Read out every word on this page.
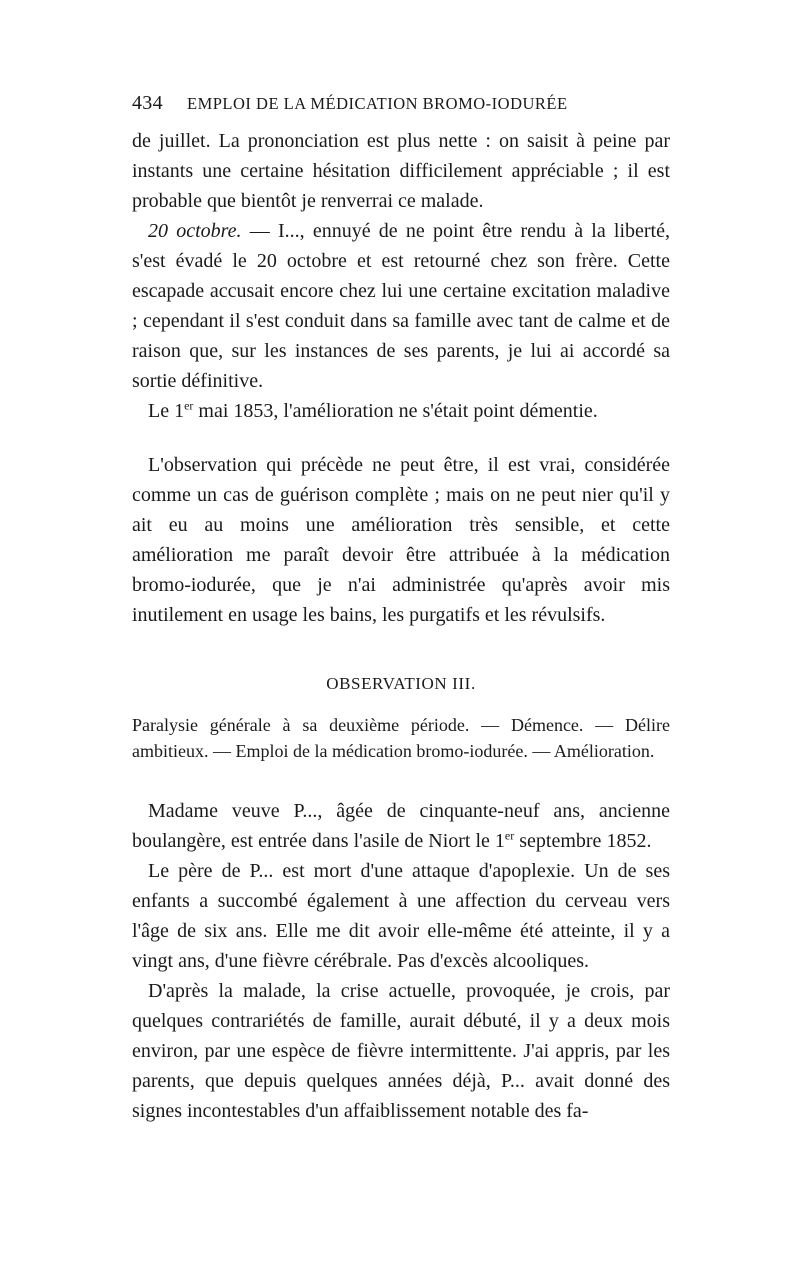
434	EMPLOI DE LA MÉDICATION BROMO-IODURÉE

de juillet. La prononciation est plus nette : on saisit à peine par instants une certaine hésitation difficilement appréciable ; il est probable que bientôt je renverrai ce malade.

20 octobre. — I..., ennuyé de ne point être rendu à la liberté, s'est évadé le 20 octobre et est retourné chez son frère. Cette escapade accusait encore chez lui une certaine excitation maladive ; cependant il s'est conduit dans sa famille avec tant de calme et de raison que, sur les instances de ses parents, je lui ai accordé sa sortie définitive.

Le 1er mai 1853, l'amélioration ne s'était point démentie.

L'observation qui précède ne peut être, il est vrai, considérée comme un cas de guérison complète ; mais on ne peut nier qu'il y ait eu au moins une amélioration très sensible, et cette amélioration me paraît devoir être attribuée à la médication bromo-iodurée, que je n'ai administrée qu'après avoir mis inutilement en usage les bains, les purgatifs et les révulsifs.

OBSERVATION III.

Paralysie générale à sa deuxième période. — Démence. — Délire ambitieux. — Emploi de la médication bromo-iodurée. — Amélioration.

Madame veuve P..., âgée de cinquante-neuf ans, ancienne boulangère, est entrée dans l'asile de Niort le 1er septembre 1852.

Le père de P... est mort d'une attaque d'apoplexie. Un de ses enfants a succombé également à une affection du cerveau vers l'âge de six ans. Elle me dit avoir elle-même été atteinte, il y a vingt ans, d'une fièvre cérébrale. Pas d'excès alcooliques.

D'après la malade, la crise actuelle, provoquée, je crois, par quelques contrariétés de famille, aurait débuté, il y a deux mois environ, par une espèce de fièvre intermittente. J'ai appris, par les parents, que depuis quelques années déjà, P... avait donné des signes incontestables d'un affaiblissement notable des fa-
